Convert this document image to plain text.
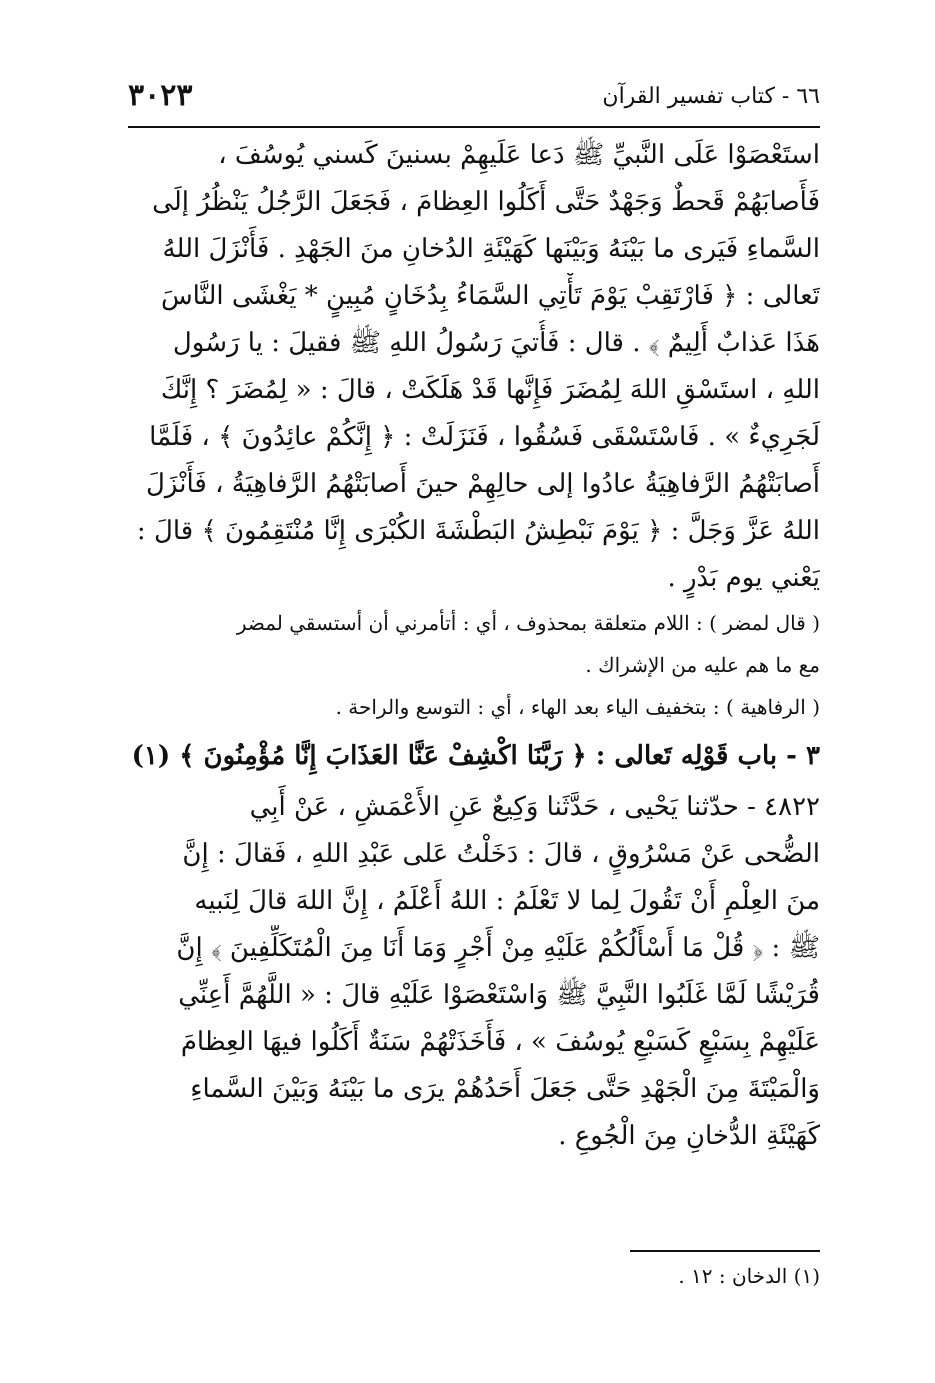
٣٠٢٣	٦٦ - كتاب تفسير القرآن
استَعْصَوْا عَلَى النَّبيِّ ﷺ دَعا عَلَيهِمْ بسنينَ كَسني يُوسُفَ ،
فَأَصابَهُمْ قَحطٌ وَجَهْدٌ حَتَّى أَكَلُوا العِظامَ ، فَجَعَلَ الرَّجُلُ يَنْظُرُ إلَى
السَّماءِ فَيَرى ما بَيْنَهُ وَبَيْنَها كَهَيْئَةِ الدُخانِ منَ الجَهْدِ . فَأَنْزَلَ اللهُ
تَعالى : ﴿ فَارْتَقِبْ يَوْمَ تَأْتِي السَّمَاءُ بِدُخَانٍ مُبِينٍ * يَغْشَى النَّاسَ
هَذَا عَذابٌ أَلِيمٌ ﴾ . قال : فَأُتيَ رَسُولُ اللهِ ﷺ فقيلَ : يا رَسُول
اللهِ ، استَسْقِ اللهَ لِمُضَرَ فَإِنَّها قَدْ هَلَكَتْ ، قالَ : « لِمُضَرَ ؟ إِنَّكَ
لَجَرِيءٌ » . فَاسْتَسْقَى فَسُقُوا ، فَنَزَلَتْ : ﴿ إِنَّكُمْ عائِدُونَ ﴾ ، فَلَمَّا
أَصابَتْهُمُ الرَّفاهِيَةُ عادُوا إلى حالِهِمْ حينَ أَصابَتْهُمُ الرَّفاهِيَةُ ، فَأَنْزَلَ
اللهُ عَزَّ وَجَلَّ : ﴿ يَوْمَ نَبْطِشُ البَطْشَةَ الكُبْرَى إِنَّا مُنْتَقِمُونَ ﴾ قالَ :
يَعْني يوم بَدْرٍ .
( قال لمضر ) : اللام متعلقة بمحذوف ، أي : أتأمرني أن أستسقي لمضر
مع ما هم عليه من الإشراك .
( الرفاهية ) : بتخفيف الياء بعد الهاء ، أي : التوسع والراحة .
٣ - باب قَوْلِه تَعالى : ﴿ رَبَّنَا اكْشِفْ عَنَّا العَذَابَ إِنَّا مُؤْمِنُونَ ﴾ (١)
٤٨٢٢ - حدّثنا يَحْيى ، حَدَّثَنا وَكِيعٌ عَنِ الأَعْمَشِ ، عَنْ أَبِي
الضُّحى عَنْ مَسْرُوقٍ ، قالَ : دَخَلْتُ عَلى عَبْدِ اللهِ ، فَقالَ : إِنَّ
منَ العِلْمِ أَنْ تَقُولَ لِما لا تَعْلَمُ : اللهُ أَعْلَمُ ، إِنَّ اللهَ قالَ لِنَبيه
ﷺ : ﴿ قُلْ مَا أَسْأَلُكُمْ عَلَيْهِ مِنْ أَجْرٍ وَمَا أَنَا مِنَ الْمُتَكَلِّفِينَ ﴾ إِنَّ
قُرَيْشًا لَمَّا غَلَبُوا النَّبِيَّ ﷺ وَاسْتَعْصَوْا عَلَيْهِ قالَ : « اللَّهُمَّ أَعِنِّي
عَلَيْهِمْ بِسَبْعٍ كَسَبْعِ يُوسُفَ » ، فَأَخَذَتْهُمْ سَنَةٌ أَكَلُوا فيهَا العِظامَ
وَالْمَيْتَةَ مِنَ الْجَهْدِ حَتَّى جَعَلَ أَحَدُهُمْ يرَى ما بَيْنَهُ وَبَيْنَ السَّماءِ
كَهَيْئَةِ الدُّخانِ مِنَ الْجُوعِ .
(١) الدخان : ١٢ .
